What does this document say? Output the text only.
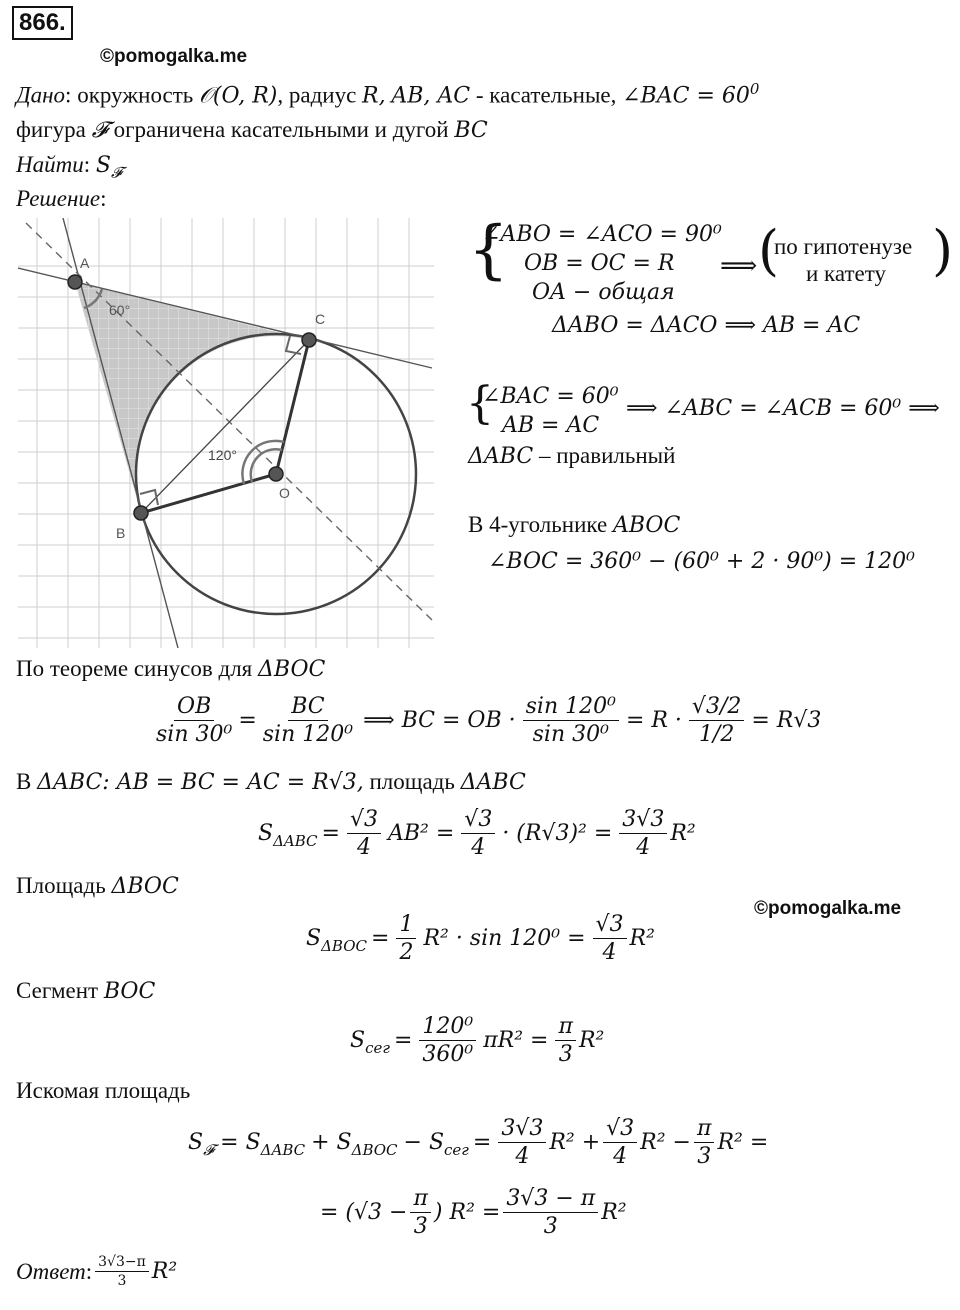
866.
©pomogalka.me
Дано: окружность 𝒪(O, R), радиус R, AB, AC - касательные, ∠BAC = $60^0$
фигура 𝓕 ограничена касательными и дугой BC
Найти: $S_𝓕$
Решение:
A
C
B
O
60°
120°
{
∠ABO = ∠ACO = 90⁰
OB = OC = R
OA − общая
⟹ (
по гипотенузе
и катету )
ΔABO = ΔACO ⟹ AB = AC
{
∠BAC = 60⁰
AB = AC
⟹ ∠ABC = ∠ACB = 60⁰ ⟹
ΔABC – правильный
В 4-угольнике ABOC
∠BOC = 360⁰ − (60⁰ + 2 · 90⁰) = 120⁰
По теореме синусов для ΔBOC
$\frac{OB}{\text{sin 30⁰}} = \frac{BC}{\text{sin 120⁰}}$ ⟹ BC = OB · $\frac{\text{sin 120⁰}}{\text{sin 30⁰}} = R \cdot \frac{√3/2}{1/2} = R√3$
В ΔABC: AB = BC = AC = R√3, площадь ΔABC
$S_{\Delta ABC} = \frac{√3}{4} AB^2 = \frac{√3}{4} \cdot (R√3)^2 = \frac{3√3}{4} R^2$
Площадь ΔBOC
©pomogalka.me
$S_{\Delta BOC} = \frac{1}{2} R^2 \cdot \sin 120^0 = \frac{√3}{4} R^2$
Сегмент BOC
$S_{сег} = \frac{\text{120⁰}}{\text{360⁰}} \pi R^2 = \frac{\pi}{3} R^2$
Искомая площадь
$S_𝓕 = S_{\Delta ABC} + S_{\Delta BOC} - S_{сег} = \frac{3√3}{4} R^2 + \frac{√3}{4} R^2 - \frac{\pi}{3} R^2$ =
= ($√3 - \frac{\pi}{3}$ ) $R^2 = \frac{3√3 - \pi}{3} R^2$
Ответ : $\frac{3√3-\pi}{3} R^2$
